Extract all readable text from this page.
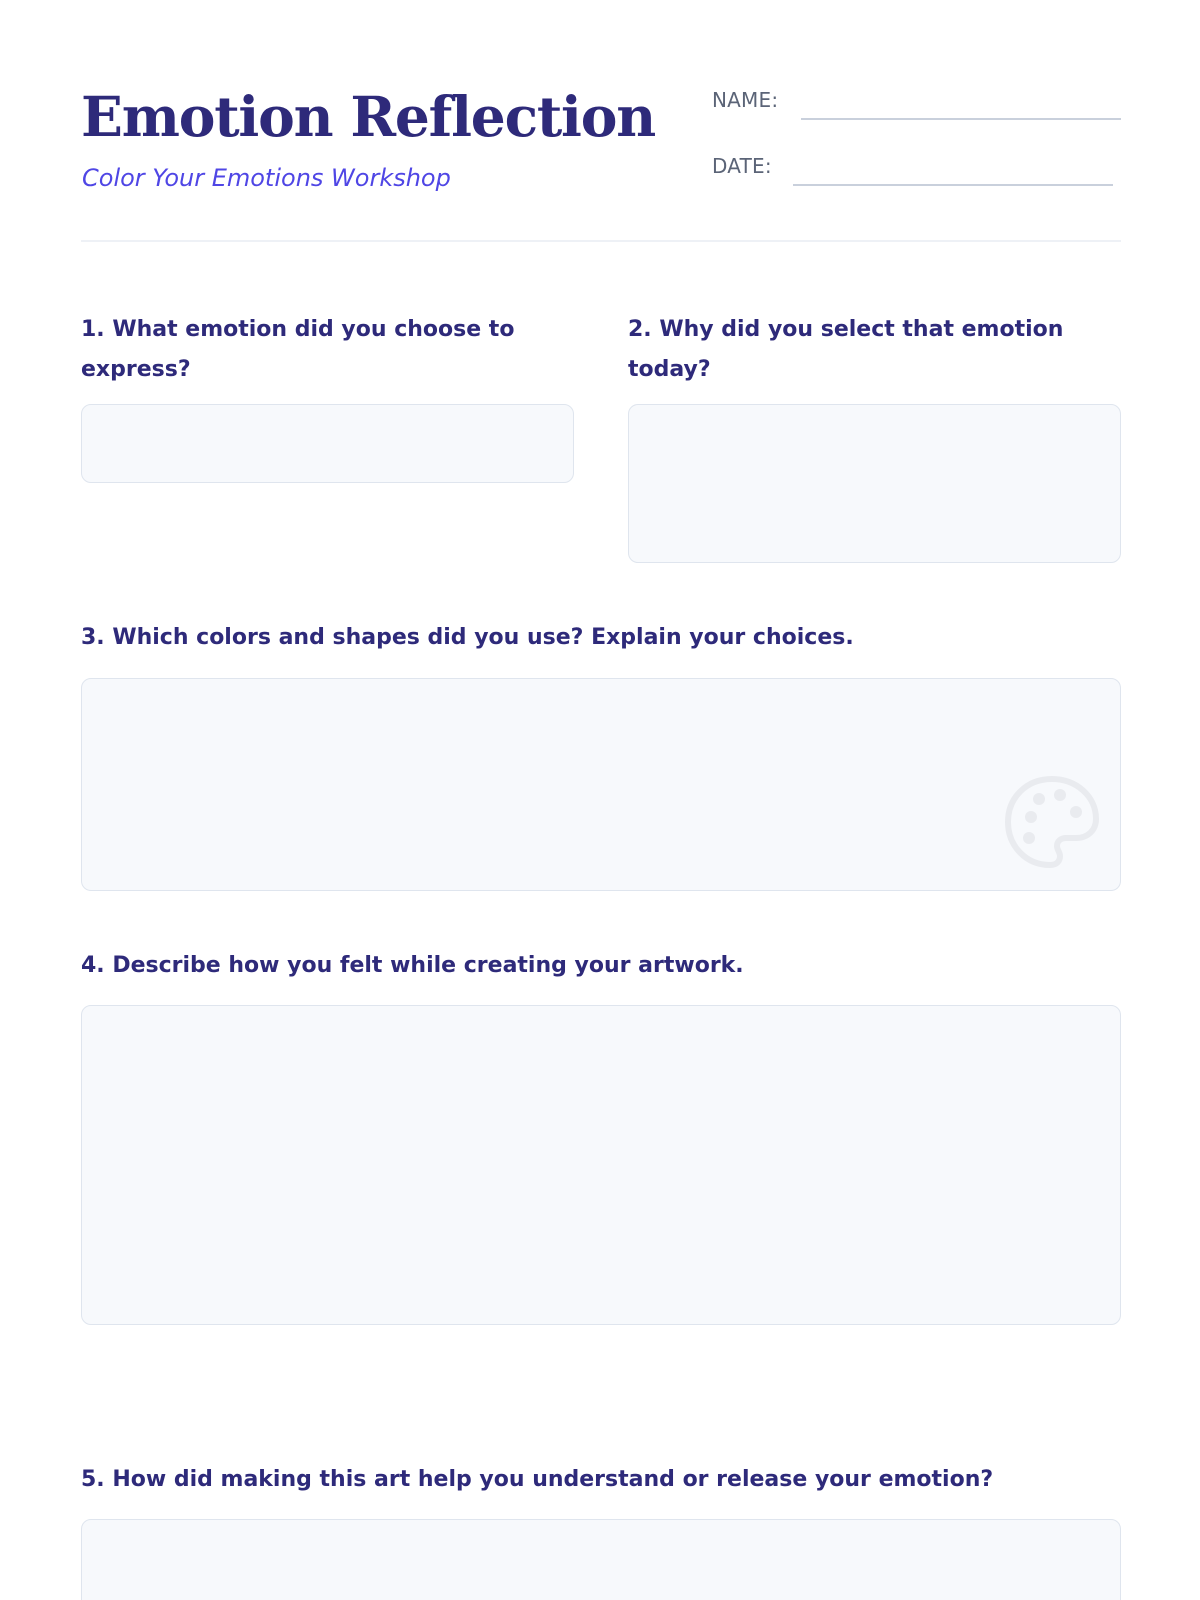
Emotion Reflection

Color Your Emotions Workshop

NAME:
DATE:

1. What emotion did you choose to express?

2. Why did you select that emotion today?

3. Which colors and shapes did you use? Explain your choices.

4. Describe how you felt while creating your artwork.

5. How did making this art help you understand or release your emotion?
